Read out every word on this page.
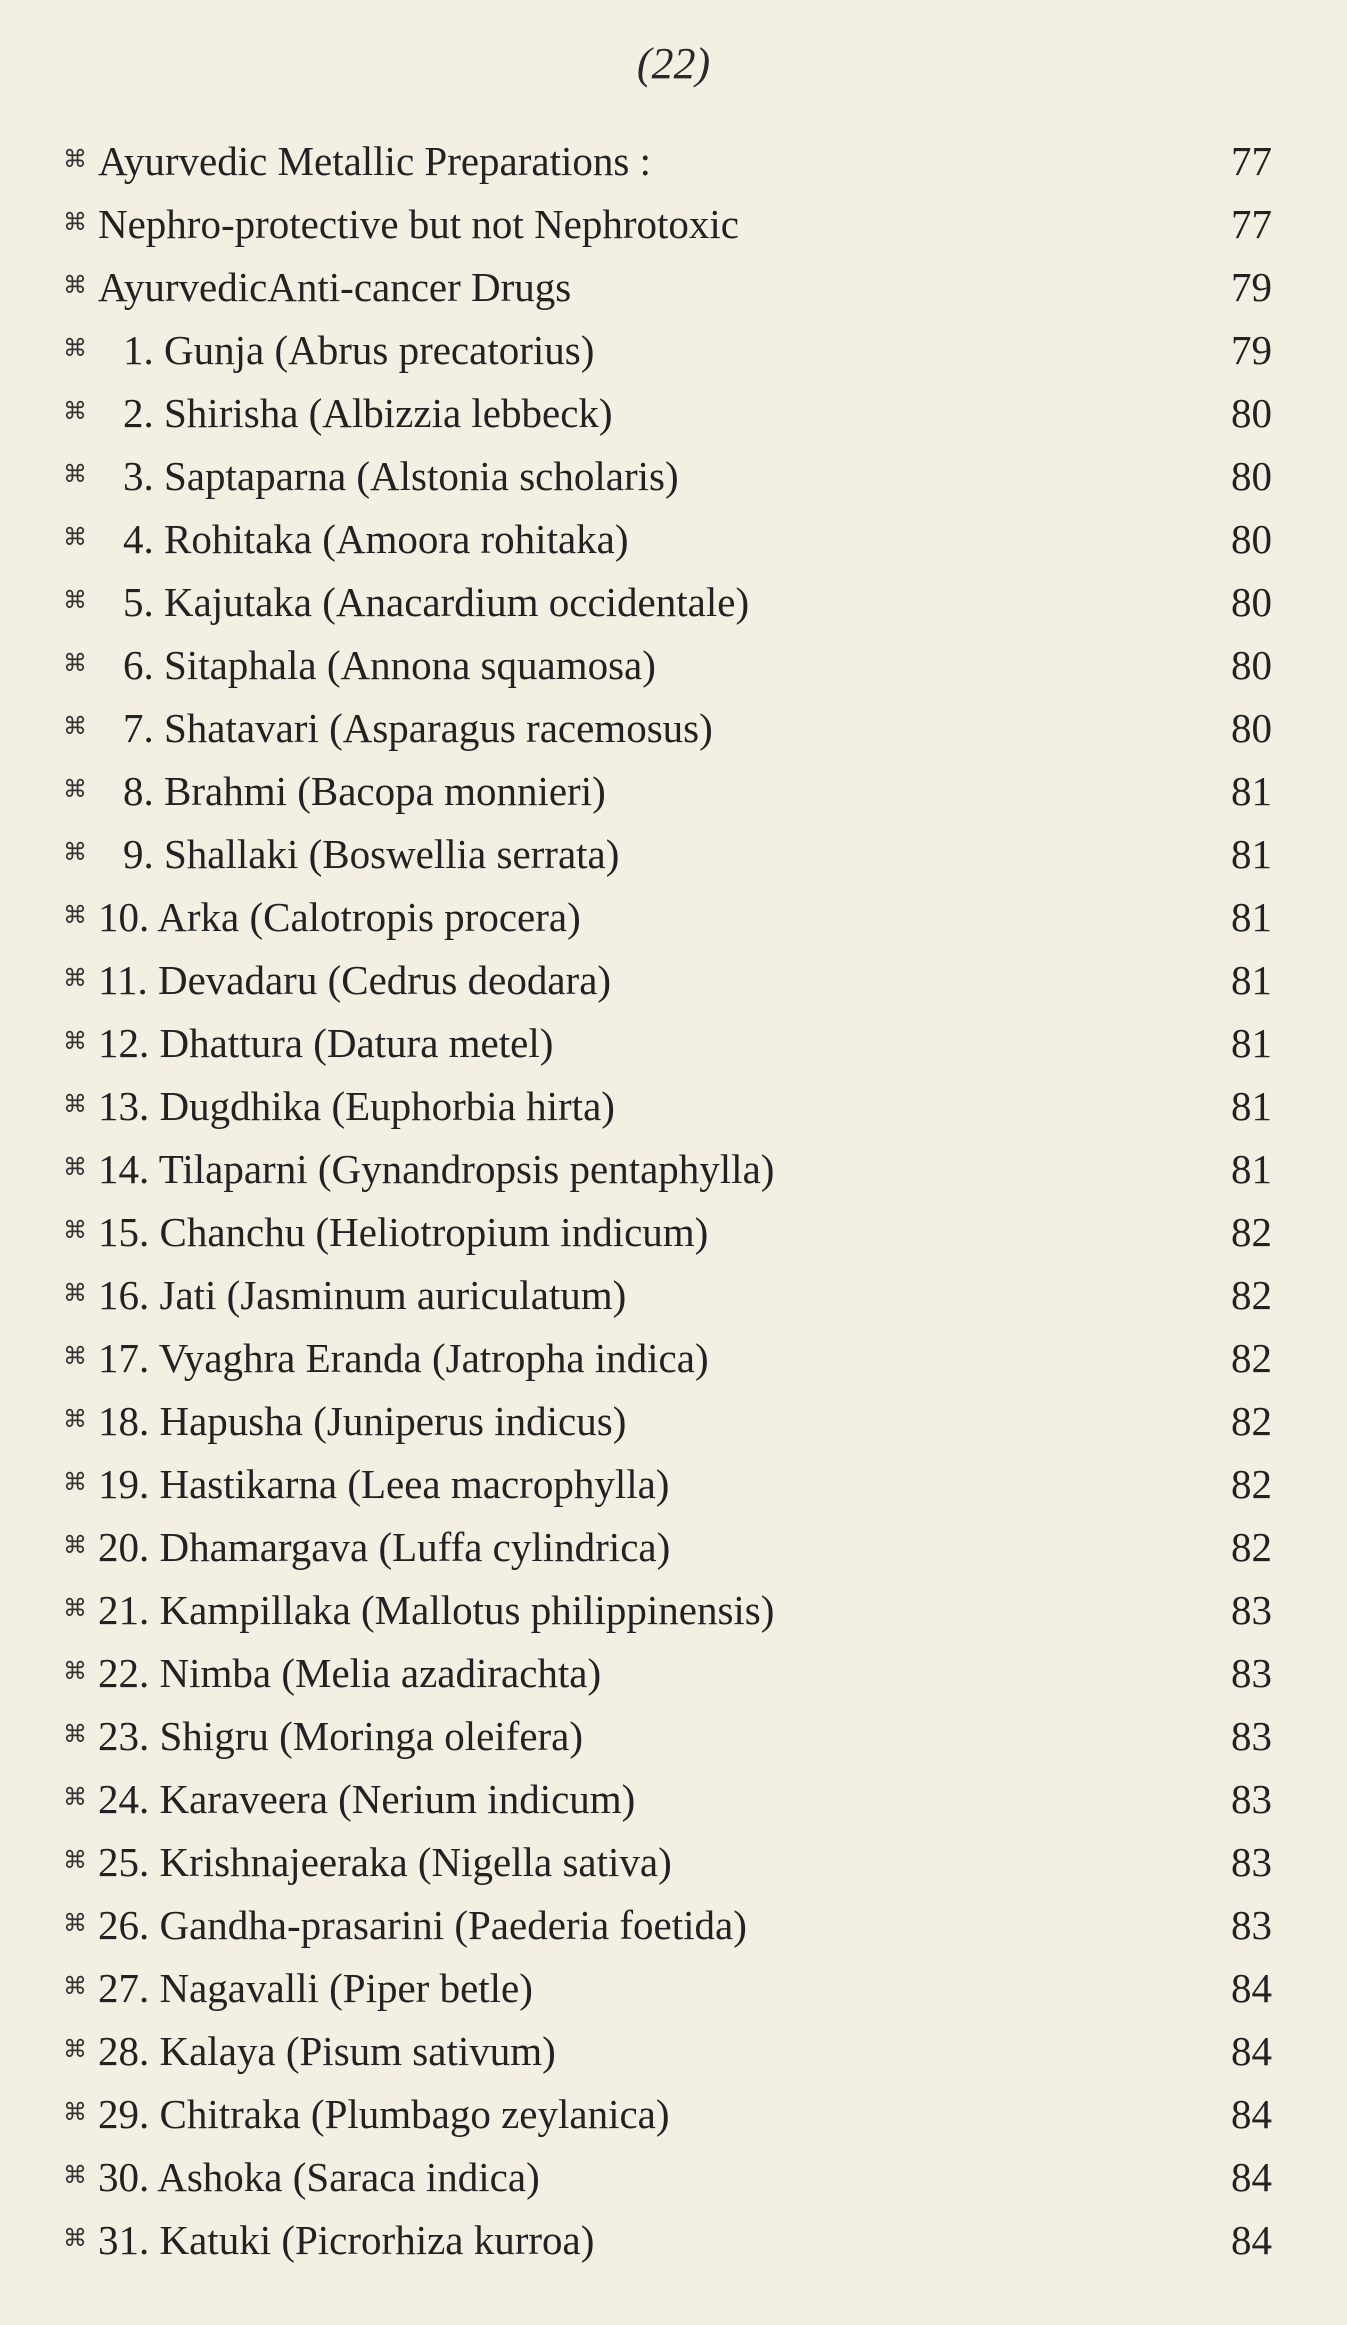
(22)
⌘ Ayurvedic Metallic Preparations :	77
⌘ Nephro-protective but not Nephrotoxic	77
⌘ AyurvedicAnti-cancer Drugs	79
⌘ 1. Gunja (Abrus precatorius)	79
⌘ 2. Shirisha (Albizzia lebbeck)	80
⌘ 3. Saptaparna (Alstonia scholaris)	80
⌘ 4. Rohitaka (Amoora rohitaka)	80
⌘ 5. Kajutaka (Anacardium occidentale)	80
⌘ 6. Sitaphala (Annona squamosa)	80
⌘ 7. Shatavari (Asparagus racemosus)	80
⌘ 8. Brahmi (Bacopa monnieri)	81
⌘ 9. Shallaki (Boswellia serrata)	81
⌘ 10. Arka (Calotropis procera)	81
⌘ 11. Devadaru (Cedrus deodara)	81
⌘ 12. Dhattura (Datura metel)	81
⌘ 13. Dugdhika (Euphorbia hirta)	81
⌘ 14. Tilaparni (Gynandropsis pentaphylla)	81
⌘ 15. Chanchu (Heliotropium indicum)	82
⌘ 16. Jati (Jasminum auriculatum)	82
⌘ 17. Vyaghra Eranda (Jatropha indica)	82
⌘ 18. Hapusha (Juniperus indicus)	82
⌘ 19. Hastikarna (Leea macrophylla)	82
⌘ 20. Dhamargava (Luffa cylindrica)	82
⌘ 21. Kampillaka (Mallotus philippinensis)	83
⌘ 22. Nimba (Melia azadirachta)	83
⌘ 23. Shigru (Moringa oleifera)	83
⌘ 24. Karaveera (Nerium indicum)	83
⌘ 25. Krishnajeeraka (Nigella sativa)	83
⌘ 26. Gandha-prasarini (Paederia foetida)	83
⌘ 27. Nagavalli (Piper betle)	84
⌘ 28. Kalaya (Pisum sativum)	84
⌘ 29. Chitraka (Plumbago zeylanica)	84
⌘ 30. Ashoka (Saraca indica)	84
⌘ 31. Katuki (Picrorhiza kurroa)	84
